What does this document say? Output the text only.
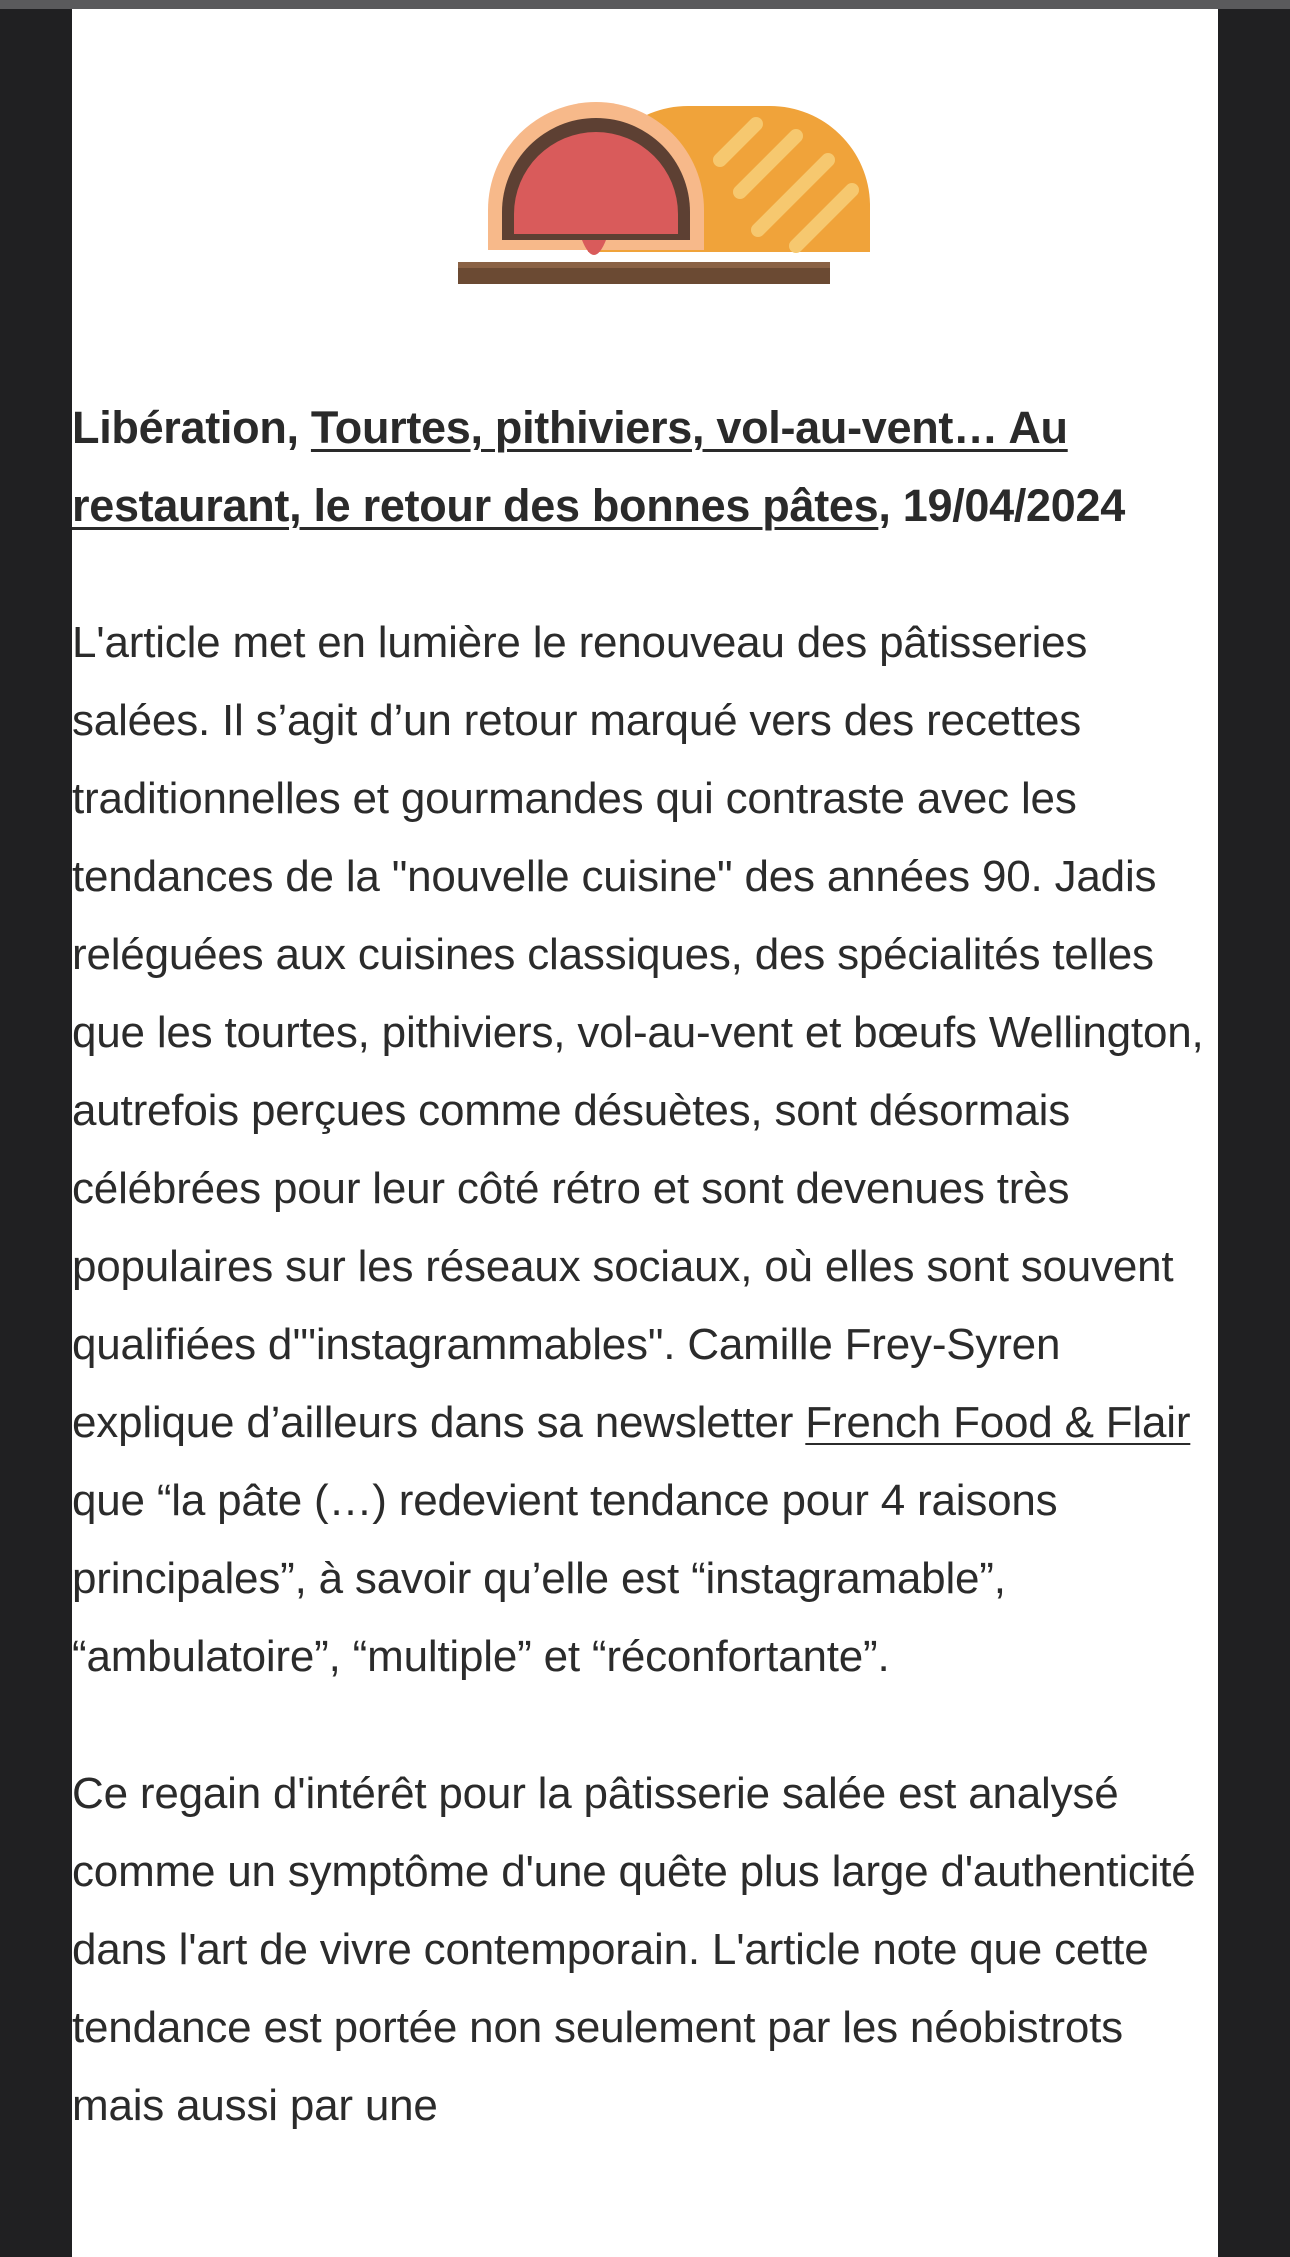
Libération, Tourtes, pithiviers, vol-au-vent… Au restaurant, le retour des bonnes pâtes, 19/04/2024

L'article met en lumière le renouveau des pâtisseries salées. Il s’agit d’un retour marqué vers des recettes traditionnelles et gourmandes qui contraste avec les tendances de la "nouvelle cuisine" des années 90. Jadis reléguées aux cuisines classiques, des spécialités telles que les tourtes, pithiviers, vol-au-vent et bœufs Wellington, autrefois perçues comme désuètes, sont désormais célébrées pour leur côté rétro et sont devenues très populaires sur les réseaux sociaux, où elles sont souvent qualifiées d'"instagrammables". Camille Frey-Syren explique d’ailleurs dans sa newsletter French Food & Flair que “la pâte (…) redevient tendance pour 4 raisons principales”, à savoir qu’elle est “instagramable”, “ambulatoire”, “multiple” et “réconfortante”.

Ce regain d'intérêt pour la pâtisserie salée est analysé comme un symptôme d'une quête plus large d'authenticité dans l'art de vivre contemporain. L'article note que cette tendance est portée non seulement par les néobistrots mais aussi par une
